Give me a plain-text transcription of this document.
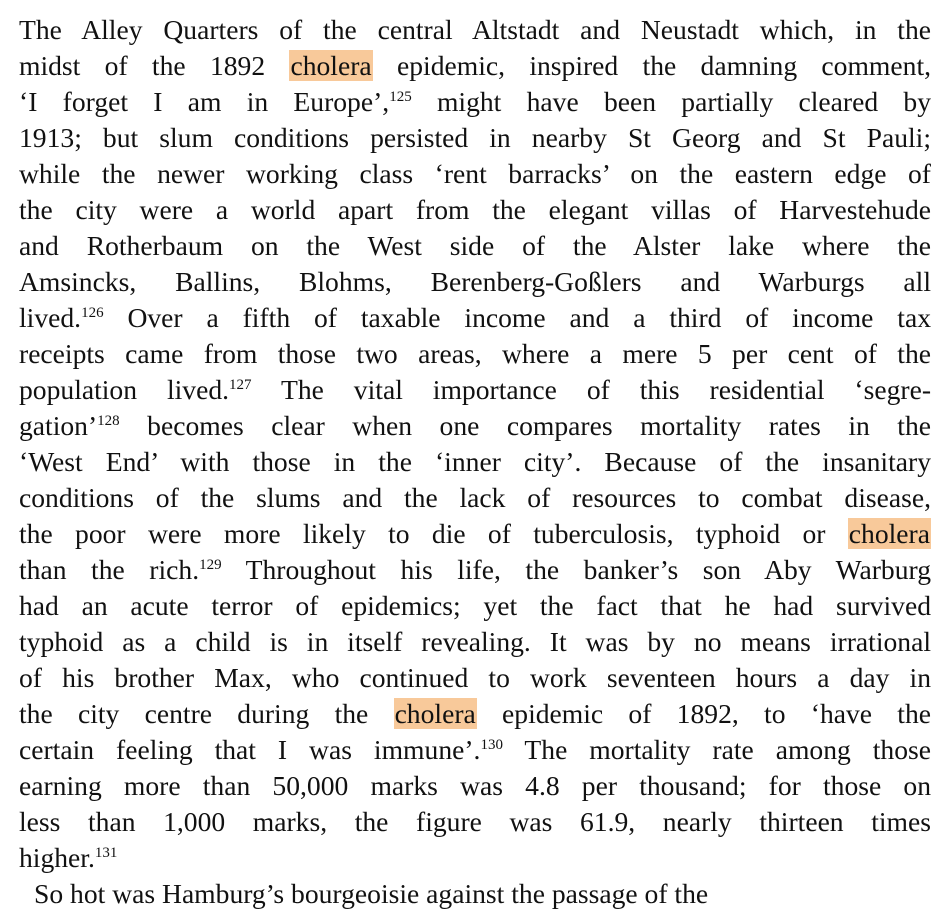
The Alley Quarters of the central Altstadt and Neustadt which, in the
midst of the 1892 cholera epidemic, inspired the damning comment,
‘I forget I am in Europe’,$^{125}$ might have been partially cleared by
1913; but slum conditions persisted in nearby St Georg and St Pauli;
while the newer working class ‘rent barracks’ on the eastern edge of
the city were a world apart from the elegant villas of Harvestehude
and Rotherbaum on the West side of the Alster lake where the
Amsincks, Ballins, Blohms, Berenberg-Goßlers and Warburgs all
lived.$^{126}$ Over a fifth of taxable income and a third of income tax
receipts came from those two areas, where a mere 5 per cent of the
population lived.$^{127}$ The vital importance of this residential ‘segre-
gation’$^{128}$ becomes clear when one compares mortality rates in the
‘West End’ with those in the ‘inner city’. Because of the insanitary
conditions of the slums and the lack of resources to combat disease,
the poor were more likely to die of tuberculosis, typhoid or cholera
than the rich.$^{129}$ Throughout his life, the banker’s son Aby Warburg
had an acute terror of epidemics; yet the fact that he had survived
typhoid as a child is in itself revealing. It was by no means irrational
of his brother Max, who continued to work seventeen hours a day in
the city centre during the cholera epidemic of 1892, to ‘have the
certain feeling that I was immune’.$^{130}$ The mortality rate among those
earning more than 50,000 marks was 4.8 per thousand; for those on
less than 1,000 marks, the figure was 61.9, nearly thirteen times
higher.$^{131}$
So hot was Hamburg’s bourgeoisie against the passage of the
